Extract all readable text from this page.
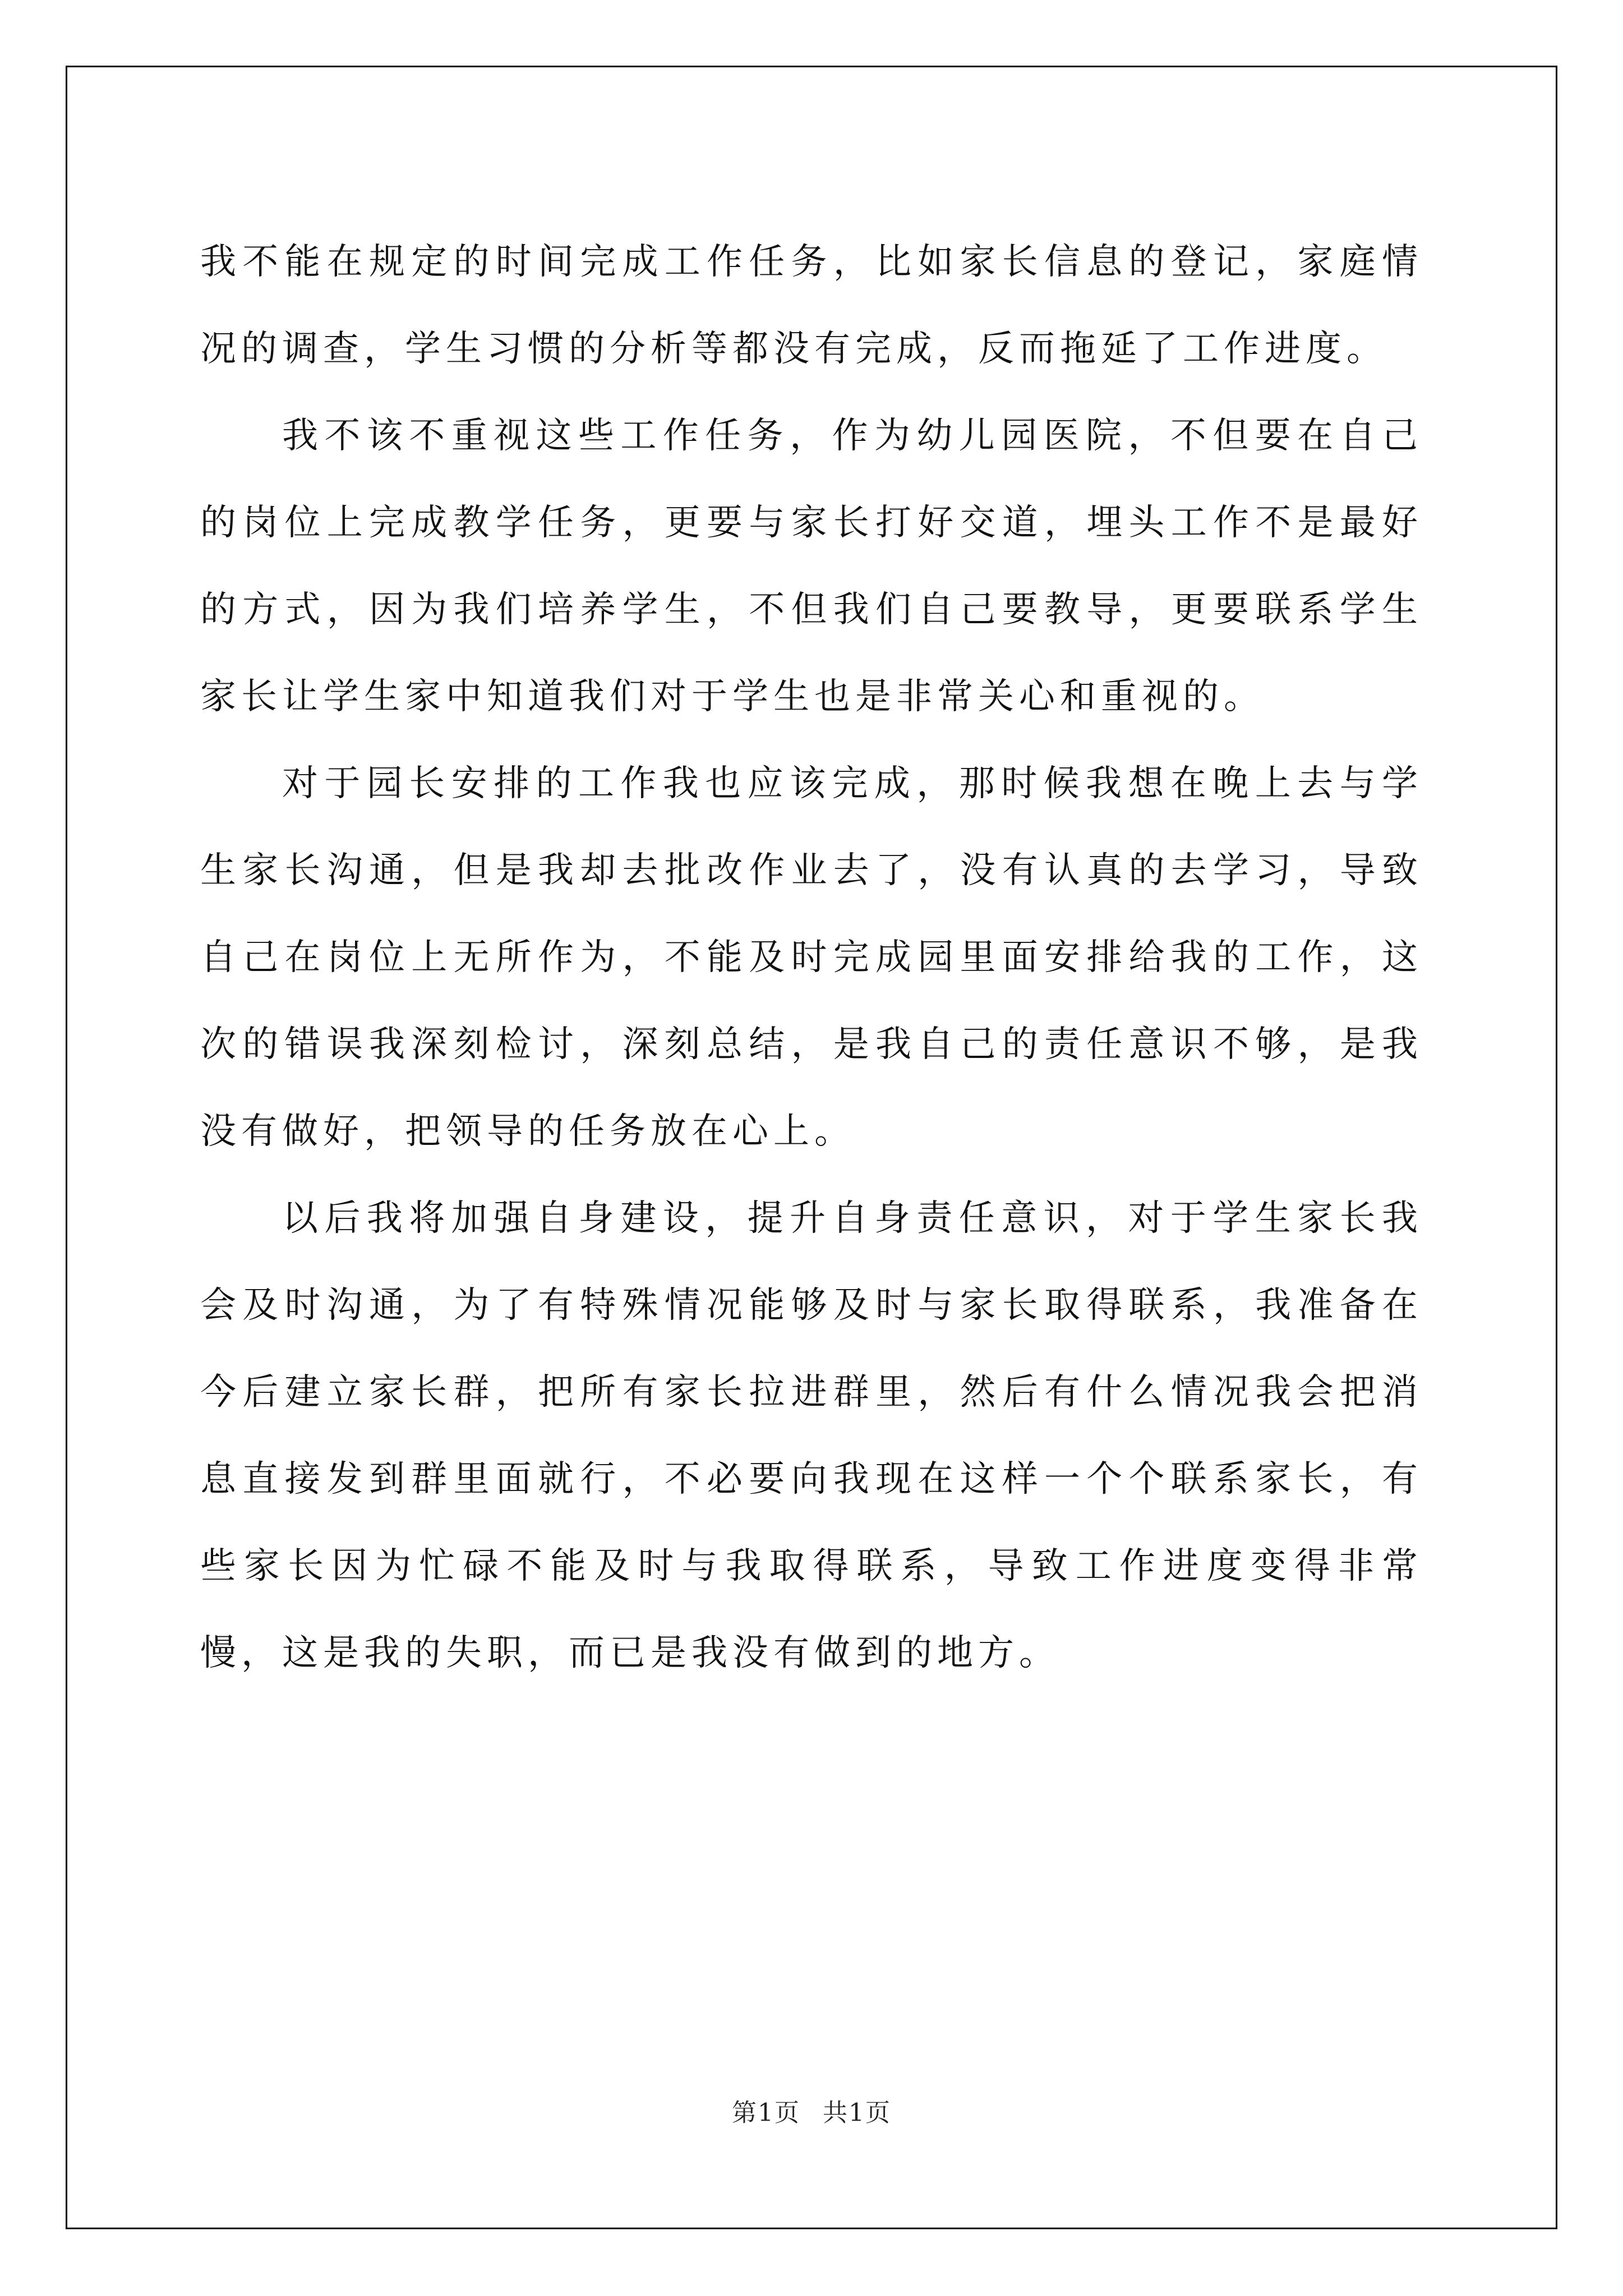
我不能在规定的时间完成工作任务，比如家长信息的登记，家庭情况的调查，学生习惯的分析等都没有完成，反而拖延了工作进度。

我不该不重视这些工作任务，作为幼儿园医院，不但要在自己的岗位上完成教学任务，更要与家长打好交道，埋头工作不是最好的方式，因为我们培养学生，不但我们自己要教导，更要联系学生家长让学生家中知道我们对于学生也是非常关心和重视的。

对于园长安排的工作我也应该完成，那时候我想在晚上去与学生家长沟通，但是我却去批改作业去了，没有认真的去学习，导致自己在岗位上无所作为，不能及时完成园里面安排给我的工作，这次的错误我深刻检讨，深刻总结，是我自己的责任意识不够，是我没有做好，把领导的任务放在心上。

以后我将加强自身建设，提升自身责任意识，对于学生家长我会及时沟通，为了有特殊情况能够及时与家长取得联系，我准备在今后建立家长群，把所有家长拉进群里，然后有什么情况我会把消息直接发到群里面就行，不必要向我现在这样一个个联系家长，有些家长因为忙碌不能及时与我取得联系，导致工作进度变得非常慢，这是我的失职，而已是我没有做到的地方。

第1页 共1页
